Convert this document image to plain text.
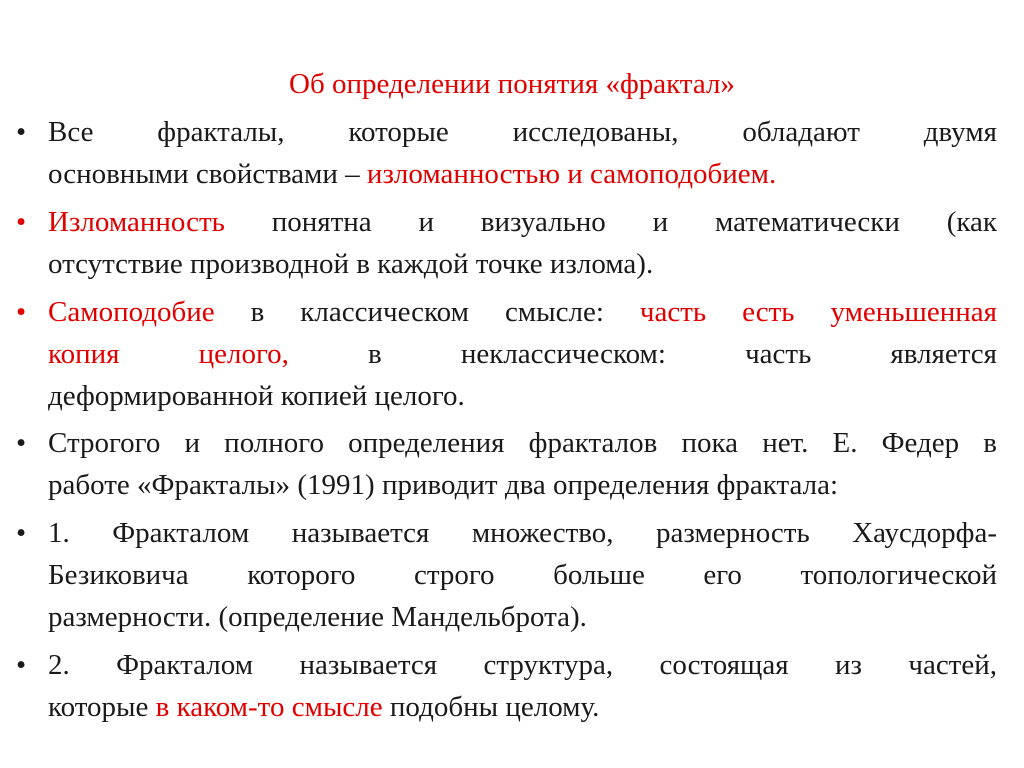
Об определении понятия «фрактал»
• Все фракталы, которые исследованы, обладают двумя
основными свойствами – изломанностью и самоподобием.
• Изломанность понятна и визуально и математически (как
отсутствие производной в каждой точке излома).
• Самоподобие в классическом смысле: часть есть уменьшенная
копия целого, в неклассическом: часть является
деформированной копией целого.
• Строгого и полного определения фракталов пока нет. Е. Федер в
работе «Фракталы» (1991) приводит два определения фрактала:
• 1. Фракталом называется множество, размерность Хаусдорфа-
Безиковича которого строго больше его топологической
размерности. (определение Мандельброта).
• 2. Фракталом называется структура, состоящая из частей,
которые в каком-то смысле подобны целому.
